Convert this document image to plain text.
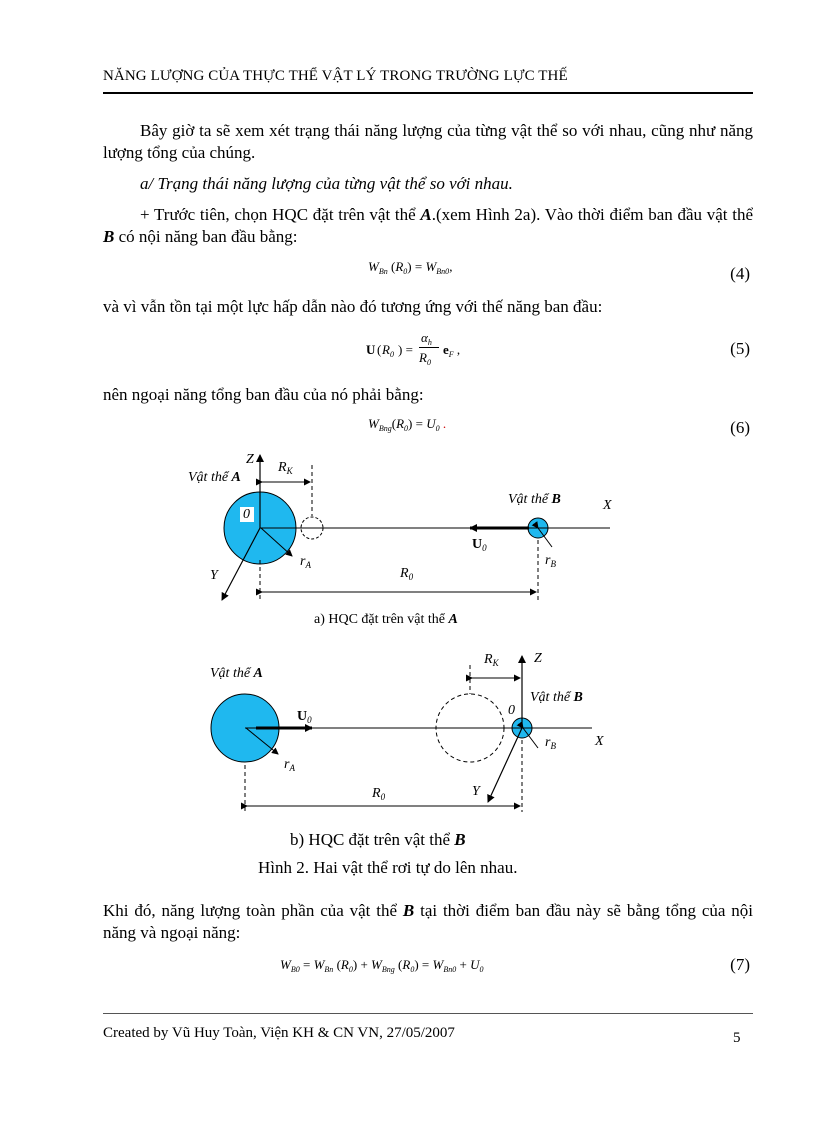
NĂNG LƯỢNG CỦA THỰC THỂ VẬT LÝ TRONG TRƯỜNG LỰC THẾ
Bây giờ ta sẽ xem xét trạng thái năng lượng của từng vật thể so với nhau, cũng như năng lượng tổng của chúng.
a/ Trạng thái năng lượng của từng vật thể so với nhau.
+ Trước tiên, chọn HQC đặt trên vật thể A.(xem Hình 2a). Vào thời điểm ban đầu vật thể B có nội năng ban đầu bằng:
$W_{Bn}$ $(R_0) = W_{Bn0}$,	(4)
và vì vẫn tồn tại một lực hấp dẫn nào đó tương ứng với thế năng ban đầu:
U ( $R_0$ ) =
$\alpha_h$
$R_0$
$e_F$ ,	(5)
nên ngoại năng tổng ban đầu của nó phải bằng:
$W_{Bng}(R_0) = U_0$ .	(6)
Vật thể A
Z
$R_K$
0
Vật thể B	X
$U_0$
$r_A$	$r_B$
Y	$R_0$
a) HQC đặt trên vật thể A
Vật thể A
$R_K$	Z
Vật thể B
0
$U_0$
X
$r_B$
$r_A$
Y
$R_0$
b) HQC đặt trên vật thể B
Hình 2. Hai vật thể rơi tự do lên nhau.
Khi đó, năng lượng toàn phần của vật thể B tại thời điểm ban đầu này sẽ bằng tổng của nội năng và ngoại năng:
$W_{B0} = W_{Bn}$ $(R_0) + W_{Bng}$ $(R_0) = W_{Bn0} + U_0$	(7)
Created by Vũ Huy Toàn, Viện KH & CN VN, 27/05/2007	5
